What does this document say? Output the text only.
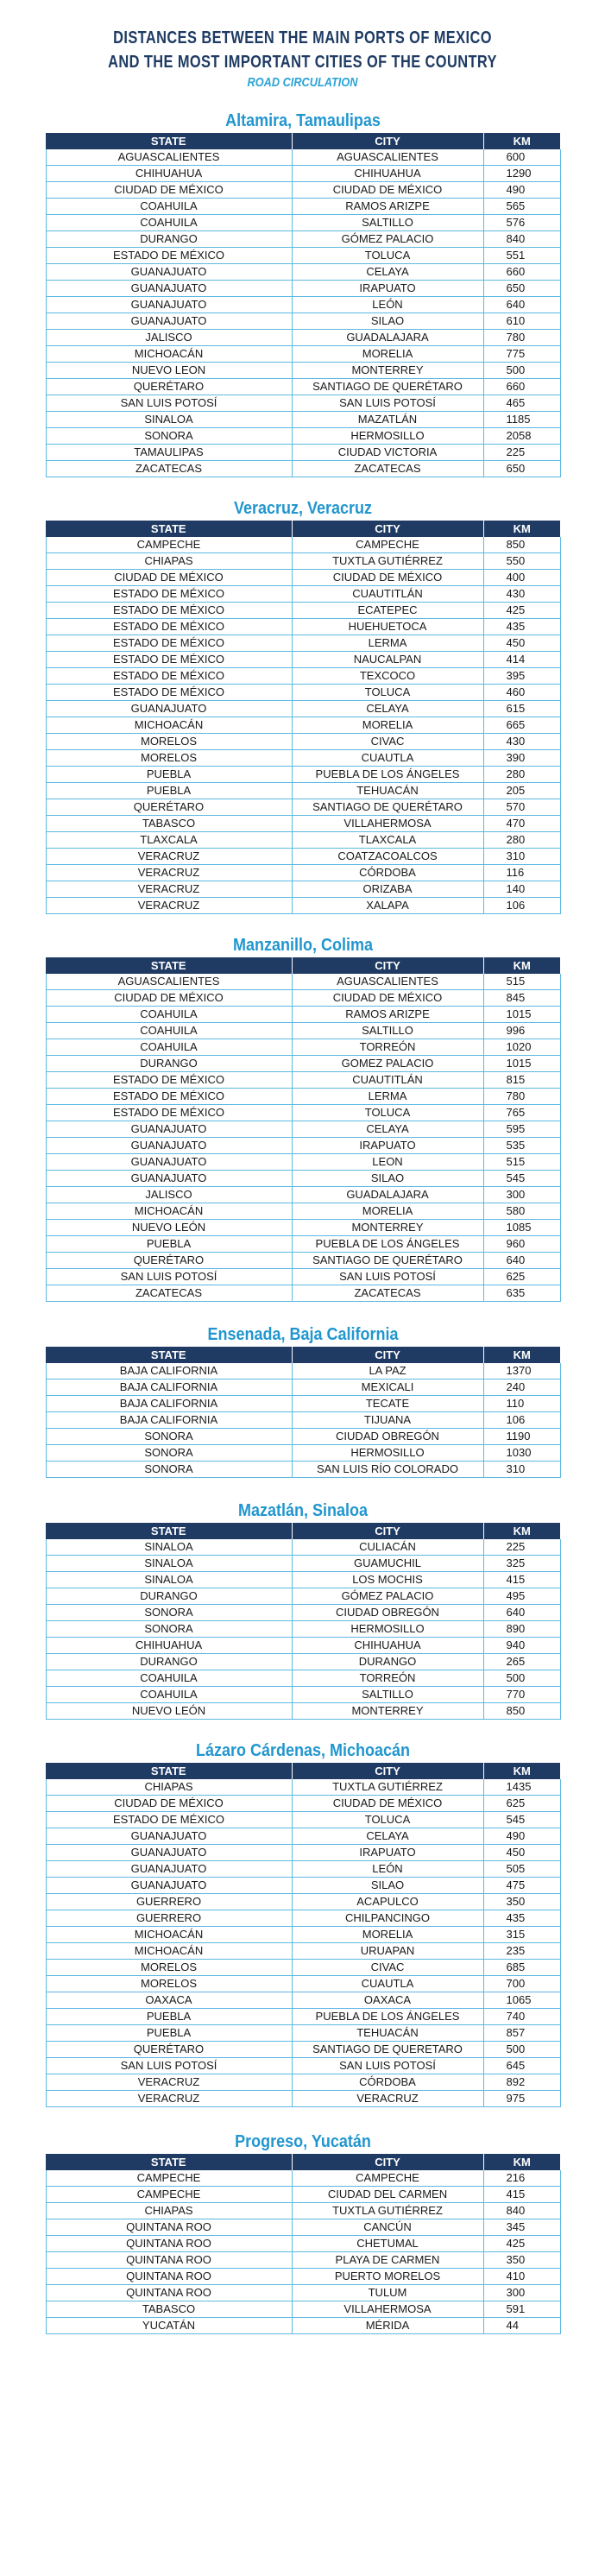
DISTANCES BETWEEN THE MAIN PORTS OF MEXICO
AND THE MOST IMPORTANT CITIES OF THE COUNTRY
ROAD CIRCULATION
Altamira, Tamaulipas
STATE	CITY	KM
AGUASCALIENTES	AGUASCALIENTES	600
CHIHUAHUA	CHIHUAHUA	1290
CIUDAD DE MÉXICO	CIUDAD DE MÉXICO	490
COAHUILA	RAMOS ARIZPE	565
COAHUILA	SALTILLO	576
DURANGO	GÓMEZ PALACIO	840
ESTADO DE MÉXICO	TOLUCA	551
GUANAJUATO	CELAYA	660
GUANAJUATO	IRAPUATO	650
GUANAJUATO	LEÓN	640
GUANAJUATO	SILAO	610
JALISCO	GUADALAJARA	780
MICHOACÁN	MORELIA	775
NUEVO LEON	MONTERREY	500
QUERÉTARO	SANTIAGO DE QUERÉTARO	660
SAN LUIS POTOSÍ	SAN LUIS POTOSÍ	465
SINALOA	MAZATLÁN	1185
SONORA	HERMOSILLO	2058
TAMAULIPAS	CIUDAD VICTORIA	225
ZACATECAS	ZACATECAS	650
Veracruz, Veracruz
STATE	CITY	KM
CAMPECHE	CAMPECHE	850
CHIAPAS	TUXTLA GUTIÉRREZ	550
CIUDAD DE MÉXICO	CIUDAD DE MÉXICO	400
ESTADO DE MÉXICO	CUAUTITLÁN	430
ESTADO DE MÉXICO	ECATEPEC	425
ESTADO DE MÉXICO	HUEHUETOCA	435
ESTADO DE MÉXICO	LERMA	450
ESTADO DE MÉXICO	NAUCALPAN	414
ESTADO DE MÉXICO	TEXCOCO	395
ESTADO DE MÉXICO	TOLUCA	460
GUANAJUATO	CELAYA	615
MICHOACÁN	MORELIA	665
MORELOS	CIVAC	430
MORELOS	CUAUTLA	390
PUEBLA	PUEBLA DE LOS ÁNGELES	280
PUEBLA	TEHUACÁN	205
QUERÉTARO	SANTIAGO DE QUERÉTARO	570
TABASCO	VILLAHERMOSA	470
TLAXCALA	TLAXCALA	280
VERACRUZ	COATZACOALCOS	310
VERACRUZ	CÓRDOBA	116
VERACRUZ	ORIZABA	140
VERACRUZ	XALAPA	106
Manzanillo, Colima
STATE	CITY	KM
AGUASCALIENTES	AGUASCALIENTES	515
CIUDAD DE MÉXICO	CIUDAD DE MÉXICO	845
COAHUILA	RAMOS ARIZPE	1015
COAHUILA	SALTILLO	996
COAHUILA	TORREÓN	1020
DURANGO	GOMEZ PALACIO	1015
ESTADO DE MÉXICO	CUAUTITLÁN	815
ESTADO DE MÉXICO	LERMA	780
ESTADO DE MÉXICO	TOLUCA	765
GUANAJUATO	CELAYA	595
GUANAJUATO	IRAPUATO	535
GUANAJUATO	LEON	515
GUANAJUATO	SILAO	545
JALISCO	GUADALAJARA	300
MICHOACÁN	MORELIA	580
NUEVO LEÓN	MONTERREY	1085
PUEBLA	PUEBLA DE LOS ÁNGELES	960
QUERÉTARO	SANTIAGO DE QUERÉTARO	640
SAN LUIS POTOSÍ	SAN LUIS POTOSÍ	625
ZACATECAS	ZACATECAS	635
Ensenada, Baja California
STATE	CITY	KM
BAJA CALIFORNIA	LA PAZ	1370
BAJA CALIFORNIA	MEXICALI	240
BAJA CALIFORNIA	TECATE	110
BAJA CALIFORNIA	TIJUANA	106
SONORA	CIUDAD OBREGÓN	1190
SONORA	HERMOSILLO	1030
SONORA	SAN LUIS RÍO COLORADO	310
Mazatlán, Sinaloa
STATE	CITY	KM
SINALOA	CULIACÁN	225
SINALOA	GUAMUCHIL	325
SINALOA	LOS MOCHIS	415
DURANGO	GÓMEZ PALACIO	495
SONORA	CIUDAD OBREGÓN	640
SONORA	HERMOSILLO	890
CHIHUAHUA	CHIHUAHUA	940
DURANGO	DURANGO	265
COAHUILA	TORREÓN	500
COAHUILA	SALTILLO	770
NUEVO LEÓN	MONTERREY	850
Lázaro Cárdenas, Michoacán
STATE	CITY	KM
CHIAPAS	TUXTLA GUTIÉRREZ	1435
CIUDAD DE MÉXICO	CIUDAD DE MÉXICO	625
ESTADO DE MÉXICO	TOLUCA	545
GUANAJUATO	CELAYA	490
GUANAJUATO	IRAPUATO	450
GUANAJUATO	LEÓN	505
GUANAJUATO	SILAO	475
GUERRERO	ACAPULCO	350
GUERRERO	CHILPANCINGO	435
MICHOACÁN	MORELIA	315
MICHOACÁN	URUAPAN	235
MORELOS	CIVAC	685
MORELOS	CUAUTLA	700
OAXACA	OAXACA	1065
PUEBLA	PUEBLA DE LOS ÁNGELES	740
PUEBLA	TEHUACÁN	857
QUERÉTARO	SANTIAGO DE QUERETARO	500
SAN LUIS POTOSÍ	SAN LUIS POTOSÍ	645
VERACRUZ	CÓRDOBA	892
VERACRUZ	VERACRUZ	975
Progreso, Yucatán
STATE	CITY	KM
CAMPECHE	CAMPECHE	216
CAMPECHE	CIUDAD DEL CARMEN	415
CHIAPAS	TUXTLA GUTIÉRREZ	840
QUINTANA ROO	CANCÚN	345
QUINTANA ROO	CHETUMAL	425
QUINTANA ROO	PLAYA DE CARMEN	350
QUINTANA ROO	PUERTO MORELOS	410
QUINTANA ROO	TULUM	300
TABASCO	VILLAHERMOSA	591
YUCATÁN	MÉRIDA	44
